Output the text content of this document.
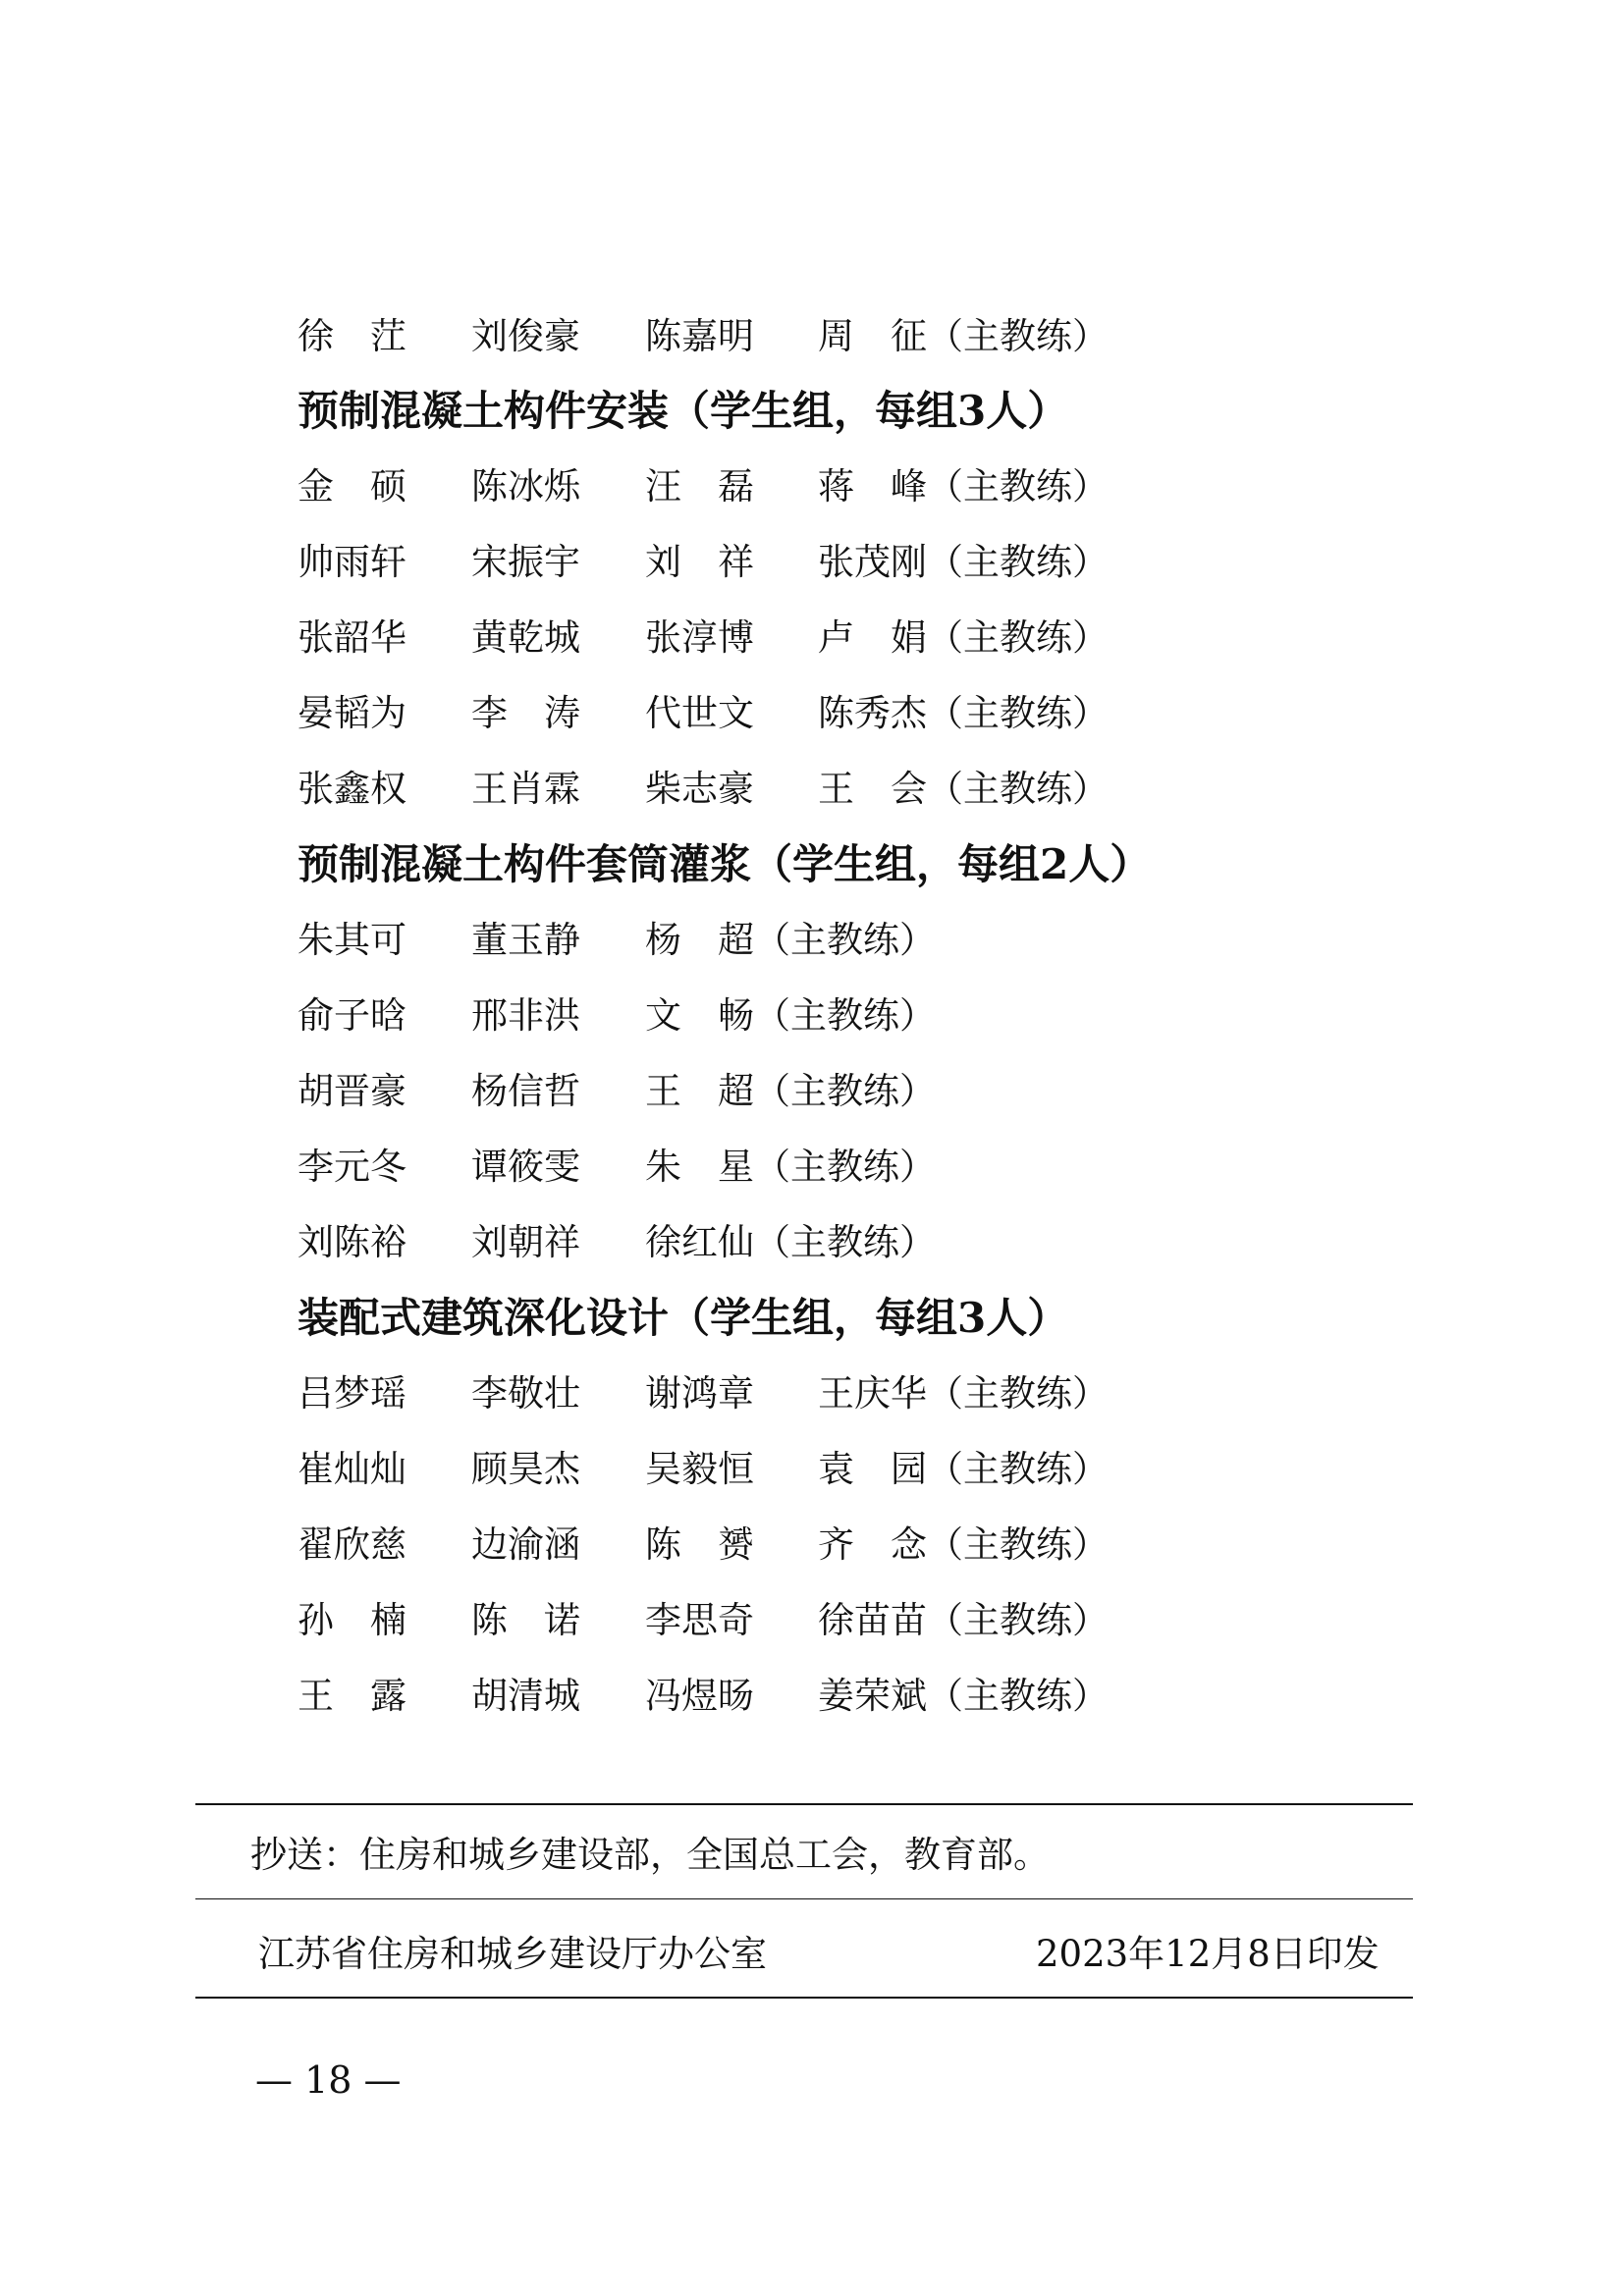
徐　茳	刘俊豪	陈嘉明	周　征（主教练）
预制混凝土构件安装（学生组，每组3人）
金　硕	陈冰烁	汪　磊	蒋　峰（主教练）
帅雨轩	宋振宇	刘　祥	张茂刚（主教练）
张韶华	黄乾城	张淳博	卢　娟（主教练）
晏韬为	李　涛	代世文	陈秀杰（主教练）
张鑫权	王肖霖	柴志豪	王　会（主教练）
预制混凝土构件套筒灌浆（学生组，每组2人）
朱其可	董玉静	杨　超（主教练）
俞子晗	邢非洪	文　畅（主教练）
胡晋豪	杨信哲	王　超（主教练）
李元冬	谭筱雯	朱　星（主教练）
刘陈裕	刘朝祥	徐红仙（主教练）
装配式建筑深化设计（学生组，每组3人）
吕梦瑶	李敬壮	谢鸿章	王庆华（主教练）
崔灿灿	顾昊杰	吴毅恒	袁　园（主教练）
翟欣慈	边渝涵	陈　赟	齐　念（主教练）
孙　楠	陈　诺	李思奇	徐苗苗（主教练）
王　露	胡清城	冯煜旸	姜荣斌（主教练）
抄送：住房和城乡建设部，全国总工会，教育部。
江苏省住房和城乡建设厅办公室	2023年12月8日印发
— 18 —
